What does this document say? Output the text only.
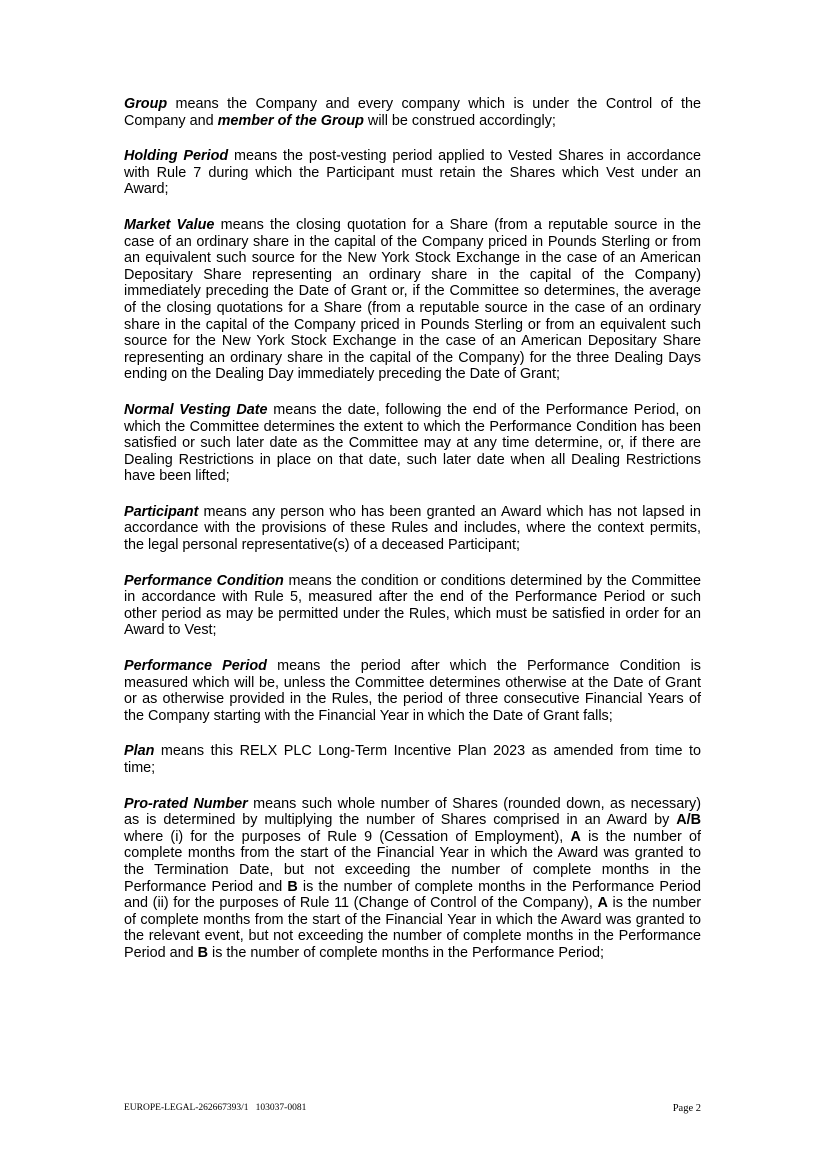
Group means the Company and every company which is under the Control of the Company and member of the Group will be construed accordingly;

Holding Period means the post-vesting period applied to Vested Shares in accordance with Rule 7 during which the Participant must retain the Shares which Vest under an Award;

Market Value means the closing quotation for a Share (from a reputable source in the case of an ordinary share in the capital of the Company priced in Pounds Sterling or from an equivalent such source for the New York Stock Exchange in the case of an American Depositary Share representing an ordinary share in the capital of the Company) immediately preceding the Date of Grant or, if the Committee so determines, the average of the closing quotations for a Share (from a reputable source in the case of an ordinary share in the capital of the Company priced in Pounds Sterling or from an equivalent such source for the New York Stock Exchange in the case of an American Depositary Share representing an ordinary share in the capital of the Company) for the three Dealing Days ending on the Dealing Day immediately preceding the Date of Grant;

Normal Vesting Date means the date, following the end of the Performance Period, on which the Committee determines the extent to which the Performance Condition has been satisfied or such later date as the Committee may at any time determine, or, if there are Dealing Restrictions in place on that date, such later date when all Dealing Restrictions have been lifted;

Participant means any person who has been granted an Award which has not lapsed in accordance with the provisions of these Rules and includes, where the context permits, the legal personal representative(s) of a deceased Participant;

Performance Condition means the condition or conditions determined by the Committee in accordance with Rule 5, measured after the end of the Performance Period or such other period as may be permitted under the Rules, which must be satisfied in order for an Award to Vest;

Performance Period means the period after which the Performance Condition is measured which will be, unless the Committee determines otherwise at the Date of Grant or as otherwise provided in the Rules, the period of three consecutive Financial Years of the Company starting with the Financial Year in which the Date of Grant falls;

Plan means this RELX PLC Long-Term Incentive Plan 2023 as amended from time to time;

Pro-rated Number means such whole number of Shares (rounded down, as necessary) as is determined by multiplying the number of Shares comprised in an Award by A/B where (i) for the purposes of Rule 9 (Cessation of Employment), A is the number of complete months from the start of the Financial Year in which the Award was granted to the Termination Date, but not exceeding the number of complete months in the Performance Period and B is the number of complete months in the Performance Period and (ii) for the purposes of Rule 11 (Change of Control of the Company), A is the number of complete months from the start of the Financial Year in which the Award was granted to the relevant event, but not exceeding the number of complete months in the Performance Period and B is the number of complete months in the Performance Period;

EUROPE-LEGAL-262667393/1   103037-0081	Page 2
